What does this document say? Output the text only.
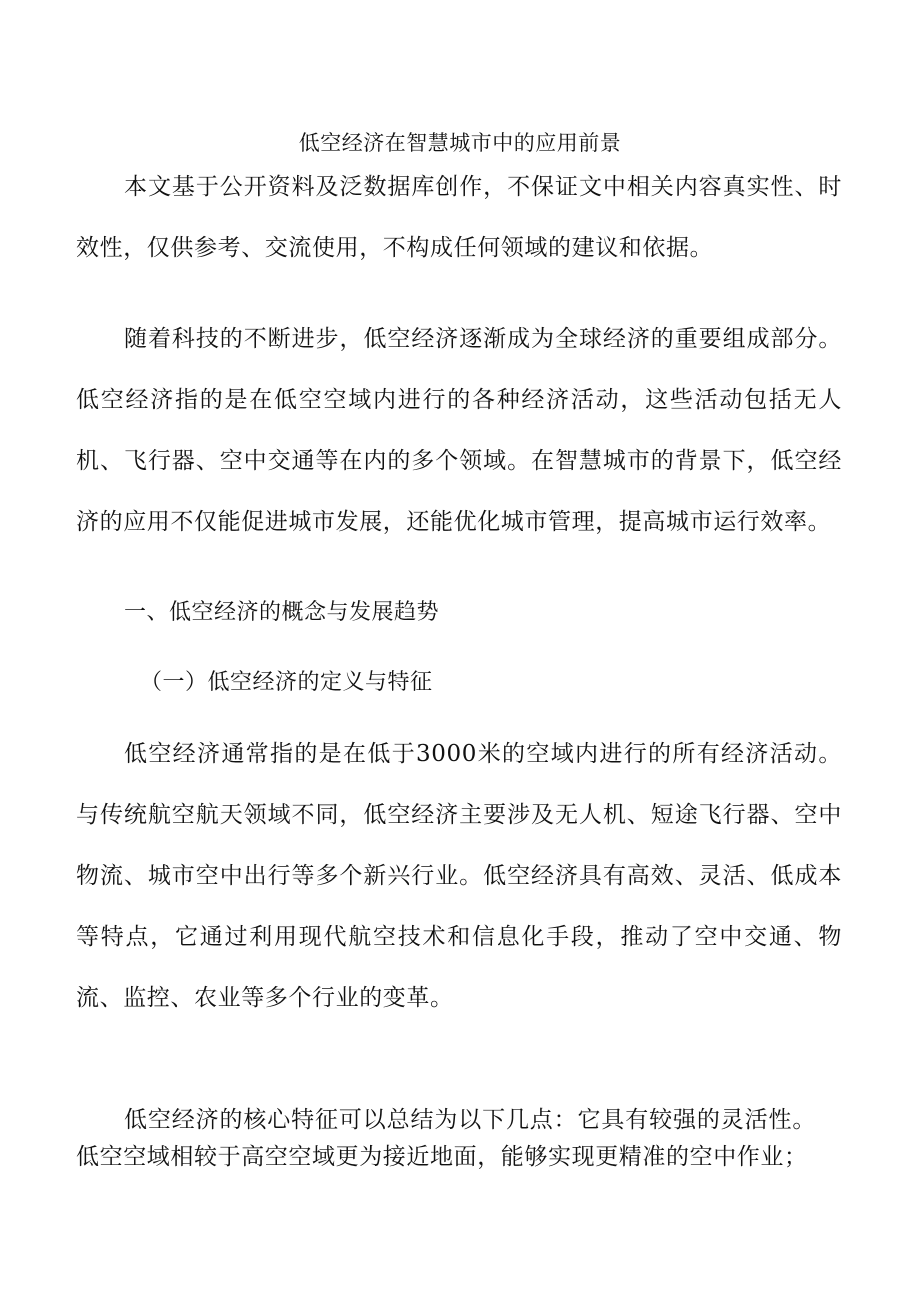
低空经济在智慧城市中的应用前景

本文基于公开资料及泛数据库创作，不保证文中相关内容真实性、时效性，仅供参考、交流使用，不构成任何领域的建议和依据。

随着科技的不断进步，低空经济逐渐成为全球经济的重要组成部分。低空经济指的是在低空空域内进行的各种经济活动，这些活动包括无人机、飞行器、空中交通等在内的多个领域。在智慧城市的背景下，低空经济的应用不仅能促进城市发展，还能优化城市管理，提高城市运行效率。

一、低空经济的概念与发展趋势
（一）低空经济的定义与特征

低空经济通常指的是在低于3000米的空域内进行的所有经济活动。与传统航空航天领域不同，低空经济主要涉及无人机、短途飞行器、空中物流、城市空中出行等多个新兴行业。低空经济具有高效、灵活、低成本等特点，它通过利用现代航空技术和信息化手段，推动了空中交通、物流、监控、农业等多个行业的变革。

低空经济的核心特征可以总结为以下几点：它具有较强的灵活性。低空空域相较于高空空域更为接近地面，能够实现更精准的空中作业；
